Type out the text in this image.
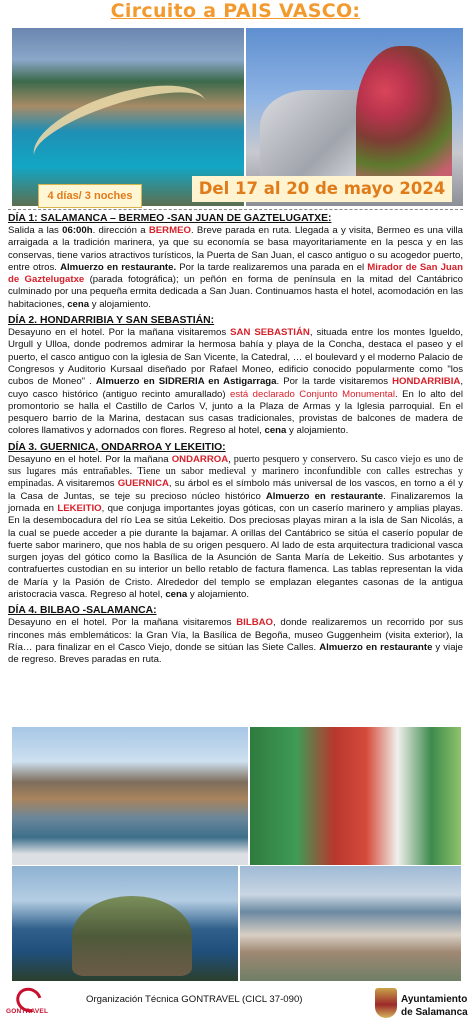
Circuito a PAIS VASCO:
4 días/ 3 noches	Del 17 al 20 de mayo 2024
DÍA 1: SALAMANCA – BERMEO -SAN JUAN DE GAZTELUGATXE:

Salida a las 06:00h. dirección a BERMEO. Breve parada en ruta. Llegada a y visita, Bermeo es una villa arraigada a la tradición marinera, ya que su economía se basa mayoritariamente en la pesca y en las conservas, tiene varios atractivos turísticos, la Puerta de San Juan, el casco antiguo o su acogedor puerto, entre otros. Almuerzo en restaurante. Por la tarde realizaremos una parada en el Mirador de San Juan de Gaztelugatxe (parada fotográfica); un peñón en forma de península en la mitad del Cantábrico culminado por una pequeña ermita dedicada a San Juan. Continuamos hasta el hotel, acomodación en las habitaciones, cena y alojamiento.

DÍA 2. HONDARRIBIA Y SAN SEBASTIÁN:

Desayuno en el hotel. Por la mañana visitaremos SAN SEBASTIÁN, situada entre los montes Igueldo, Urgull y Ulloa, donde podremos admirar la hermosa bahía y playa de la Concha, destaca el paseo y el puerto, el casco antiguo con la iglesia de San Vicente, la Catedral, … el boulevard y el moderno Palacio de Congresos y Auditorio Kursaal diseñado por Rafael Moneo, edificio conocido popularmente como "los cubos de Moneo" . Almuerzo en SIDRERIA en Astigarraga. Por la tarde visitaremos HONDARRIBIA, cuyo casco histórico (antiguo recinto amurallado) está declarado Conjunto Monumental. En lo alto del promontorio se halla el Castillo de Carlos V, junto a la Plaza de Armas y la Iglesia parroquial. En el pesquero barrio de la Marina, destacan sus casas tradicionales, provistas de balcones de madera de colores llamativos y adornados con flores. Regreso al hotel, cena y alojamiento.

DÍA 3. GUERNICA, ONDARROA Y LEKEITIO:

Desayuno en el hotel. Por la mañana ONDARROA, puerto pesquero y conservero. Su casco viejo es uno de sus lugares más entrañables. Tiene un sabor medieval y marinero inconfundible con calles estrechas y empinadas. A visitaremos GUERNICA, su árbol es el símbolo más universal de los vascos, en torno a él y la Casa de Juntas, se teje su precioso núcleo histórico Almuerzo en restaurante. Finalizaremos la jornada en LEKEITIO, que conjuga importantes joyas góticas, con un caserío marinero y amplias playas. En la desembocadura del río Lea se sitúa Lekeitio. Dos preciosas playas miran a la isla de San Nicolás, a la cual se puede acceder a pie durante la bajamar. A orillas del Cantábrico se sitúa el caserío popular de fuerte sabor marinero, que nos habla de su origen pesquero. Al lado de esta arquitectura tradicional vasca surgen joyas del gótico como la Basílica de la Asunción de Santa María de Lekeitio. Sus arbotantes y contrafuertes custodian en su interior un bello retablo de factura flamenca. Las tablas representan la vida de María y la Pasión de Cristo. Alrededor del templo se emplazan elegantes casonas de la antigua aristocracia vasca. Regreso al hotel, cena y alojamiento.

DÍA 4. BILBAO -SALAMANCA:

Desayuno en el hotel. Por la mañana visitaremos BILBAO, donde realizaremos un recorrido por sus rincones más emblemáticos: la Gran Vía, la Basílica de Begoña, museo Guggenheim (visita exterior), la Ría… para finalizar en el Casco Viejo, donde se sitúan las Siete Calles. Almuerzo en restaurante y viaje de regreso. Breves paradas en ruta.

GONTRAVEL
Organización Técnica GONTRAVEL (CICL 37-090)	Ayuntamiento
de Salamanca
